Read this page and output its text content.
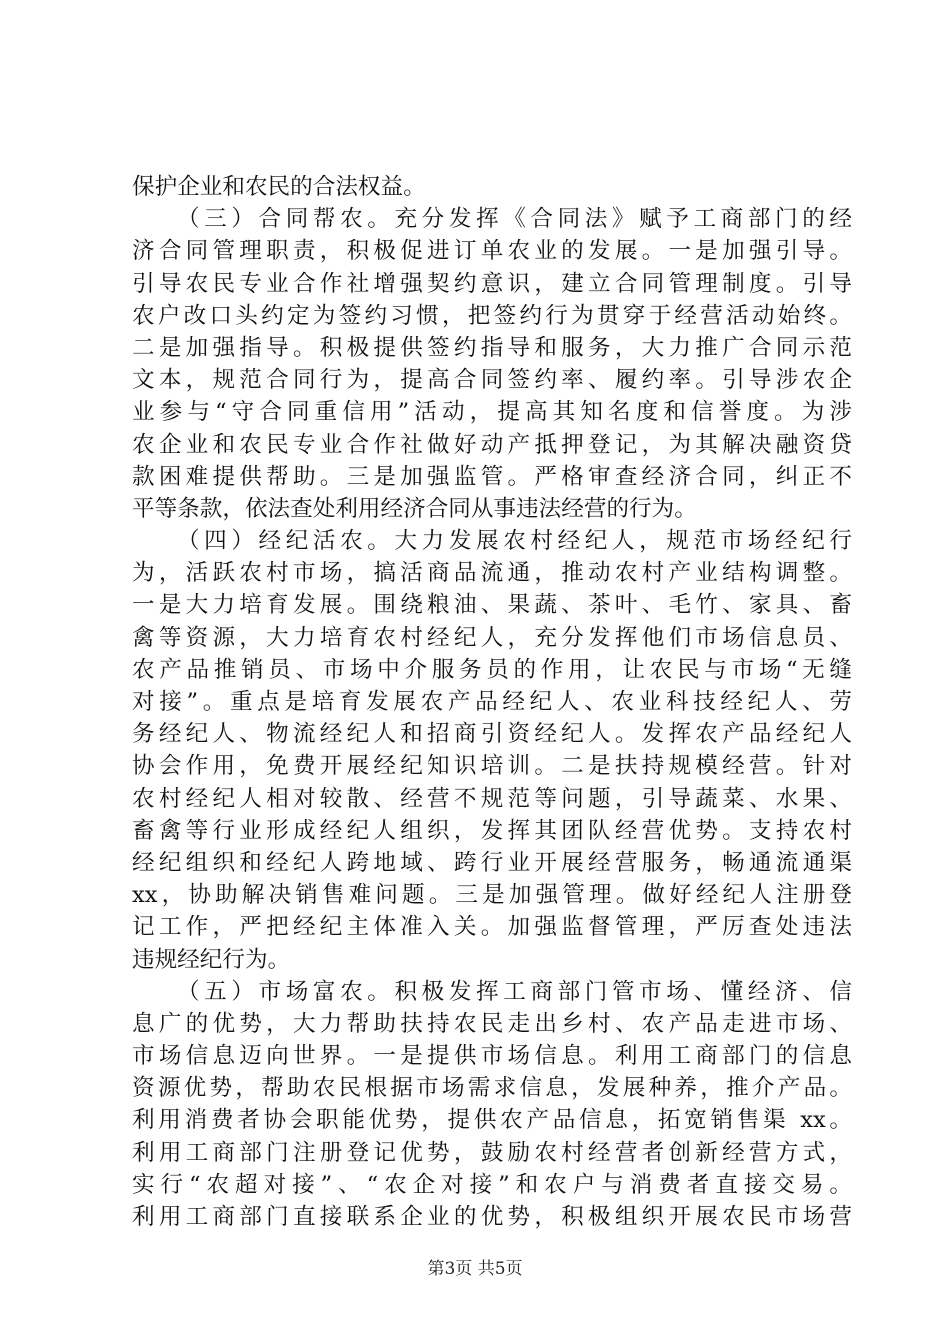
保护企业和农民的合法权益。
（三）合同帮农。充分发挥《合同法》赋予工商部门的经
济合同管理职责，积极促进订单农业的发展。一是加强引导。
引导农民专业合作社增强契约意识，建立合同管理制度。引导
农户改口头约定为签约习惯，把签约行为贯穿于经营活动始终。
二是加强指导。积极提供签约指导和服务，大力推广合同示范
文本，规范合同行为，提高合同签约率、履约率。引导涉农企
业参与“守合同重信用”活动，提高其知名度和信誉度。为涉
农企业和农民专业合作社做好动产抵押登记，为其解决融资贷
款困难提供帮助。三是加强监管。严格审查经济合同，纠正不
平等条款，依法查处利用经济合同从事违法经营的行为。
（四）经纪活农。大力发展农村经纪人，规范市场经纪行
为，活跃农村市场，搞活商品流通，推动农村产业结构调整。
一是大力培育发展。围绕粮油、果蔬、茶叶、毛竹、家具、畜
禽等资源，大力培育农村经纪人，充分发挥他们市场信息员、
农产品推销员、市场中介服务员的作用，让农民与市场“无缝
对接”。重点是培育发展农产品经纪人、农业科技经纪人、劳
务经纪人、物流经纪人和招商引资经纪人。发挥农产品经纪人
协会作用，免费开展经纪知识培训。二是扶持规模经营。针对
农村经纪人相对较散、经营不规范等问题，引导蔬菜、水果、
畜禽等行业形成经纪人组织，发挥其团队经营优势。支持农村
经纪组织和经纪人跨地域、跨行业开展经营服务，畅通流通渠
xx，协助解决销售难问题。三是加强管理。做好经纪人注册登
记工作，严把经纪主体准入关。加强监督管理，严厉查处违法
违规经纪行为。
（五）市场富农。积极发挥工商部门管市场、懂经济、信
息广的优势，大力帮助扶持农民走出乡村、农产品走进市场、
市场信息迈向世界。一是提供市场信息。利用工商部门的信息
资源优势，帮助农民根据市场需求信息，发展种养，推介产品。
利用消费者协会职能优势，提供农产品信息，拓宽销售渠 xx。
利用工商部门注册登记优势，鼓励农村经营者创新经营方式，
实行“农超对接”、“农企对接”和农户与消费者直接交易。
利用工商部门直接联系企业的优势，积极组织开展农民市场营
第3页 共5页
